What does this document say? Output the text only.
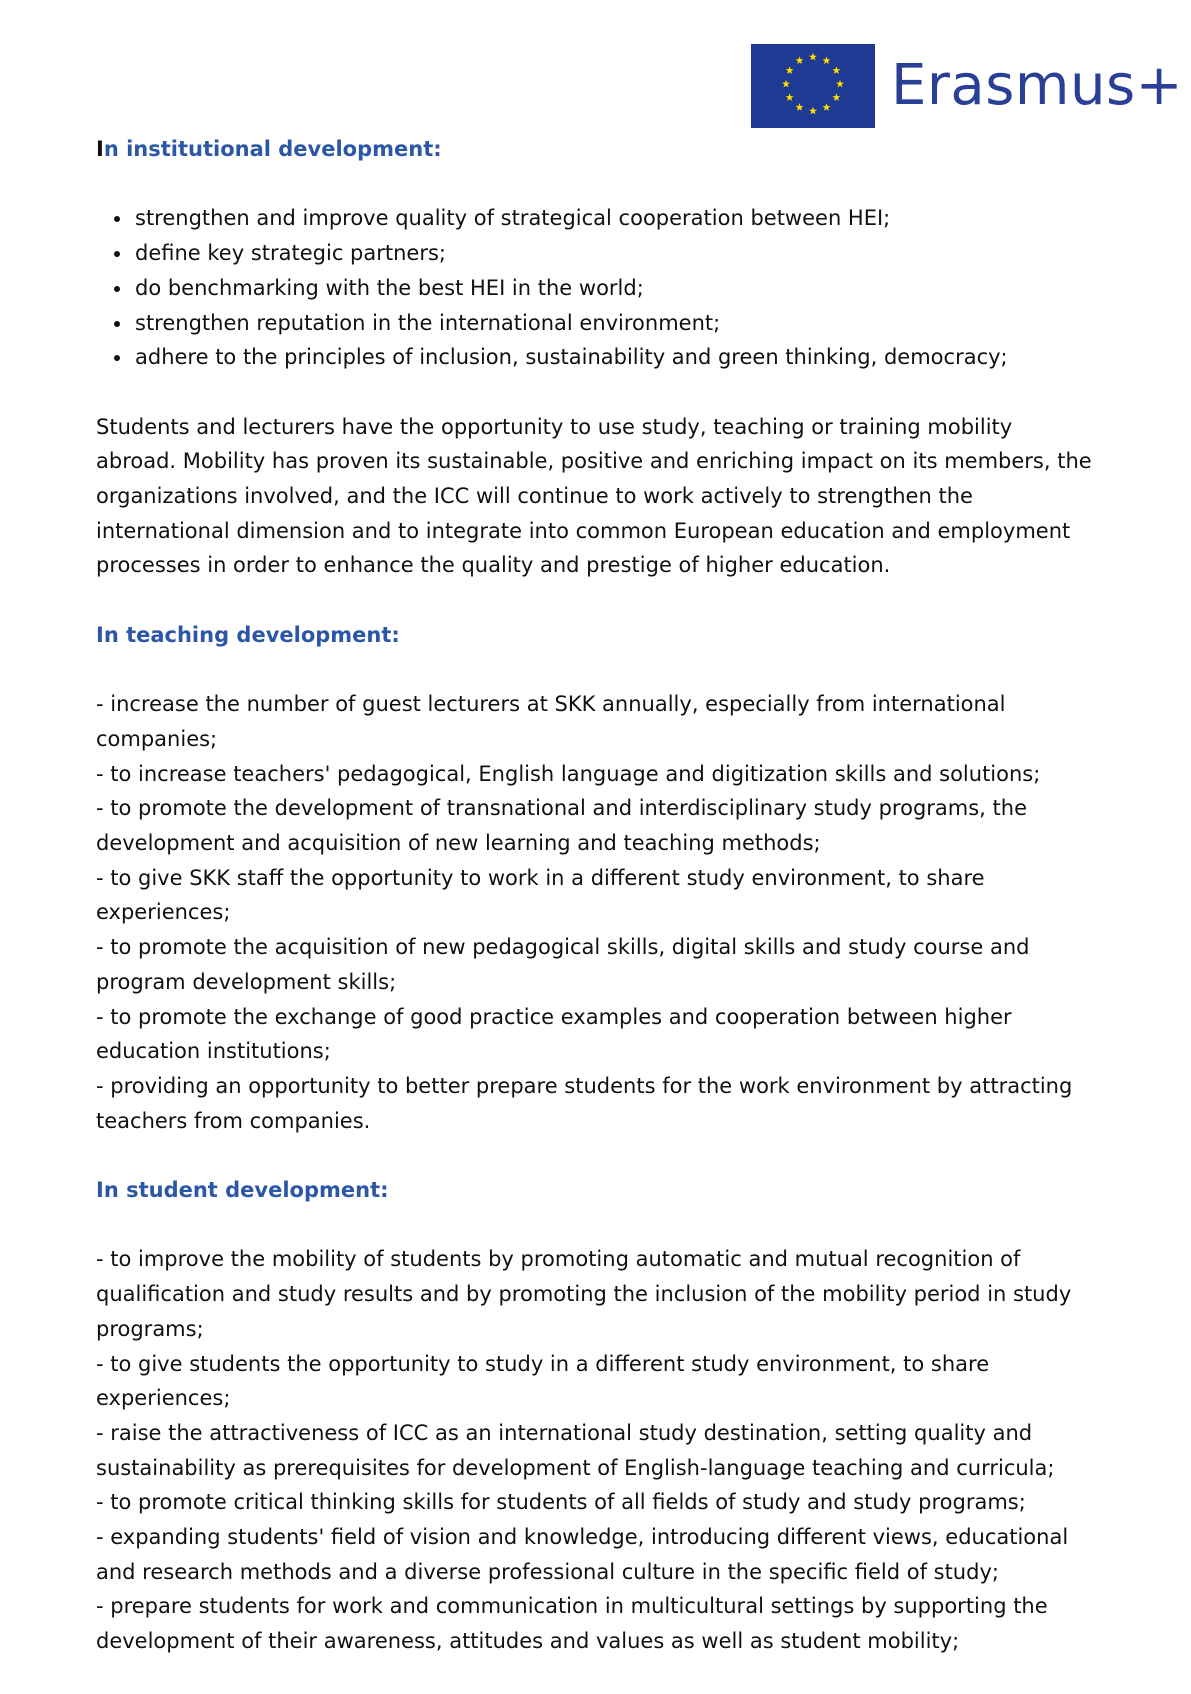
Erasmus+
In institutional development:
• strengthen and improve quality of strategical cooperation between HEI;
• define key strategic partners;
• do benchmarking with the best HEI in the world;
• strengthen reputation in the international environment;
• adhere to the principles of inclusion, sustainability and green thinking, democracy;

Students and lecturers have the opportunity to use study, teaching or training mobility abroad. Mobility has proven its sustainable, positive and enriching impact on its members, the organizations involved, and the ICC will continue to work actively to strengthen the international dimension and to integrate into common European education and employment processes in order to enhance the quality and prestige of higher education.

In teaching development:
- increase the number of guest lecturers at SKK annually, especially from international companies;
- to increase teachers' pedagogical, English language and digitization skills and solutions;
- to promote the development of transnational and interdisciplinary study programs, the development and acquisition of new learning and teaching methods;
- to give SKK staff the opportunity to work in a different study environment, to share experiences;
- to promote the acquisition of new pedagogical skills, digital skills and study course and program development skills;
- to promote the exchange of good practice examples and cooperation between higher education institutions;
- providing an opportunity to better prepare students for the work environment by attracting teachers from companies.
In student development:
- to improve the mobility of students by promoting automatic and mutual recognition of qualification and study results and by promoting the inclusion of the mobility period in study programs;
- to give students the opportunity to study in a different study environment, to share experiences;
- raise the attractiveness of ICC as an international study destination, setting quality and sustainability as prerequisites for development of English-language teaching and curricula;
- to promote critical thinking skills for students of all fields of study and study programs;
- expanding students' field of vision and knowledge, introducing different views, educational and research methods and a diverse professional culture in the specific field of study;
- prepare students for work and communication in multicultural settings by supporting the development of their awareness, attitudes and values as well as student mobility;
